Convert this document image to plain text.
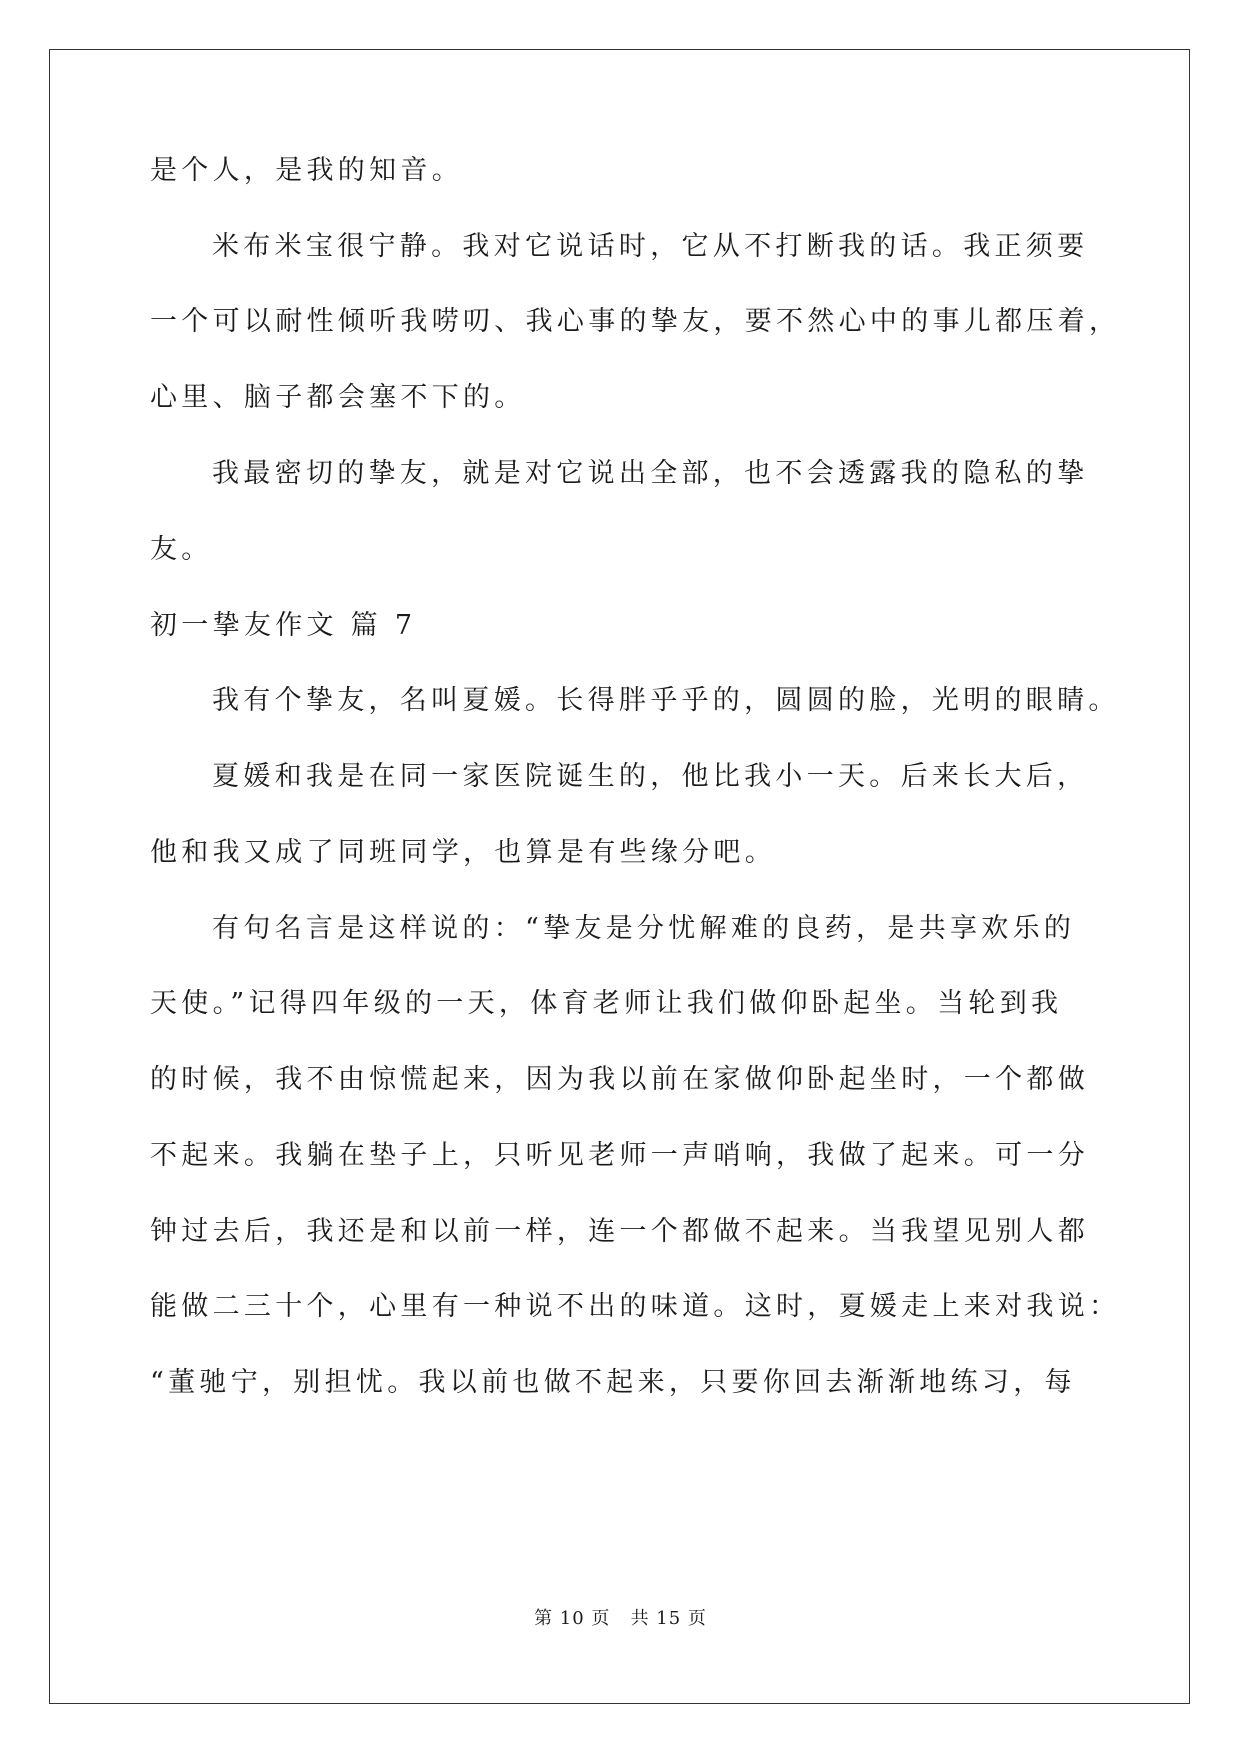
是个人，是我的知音。
米布米宝很宁静。我对它说话时，它从不打断我的话。我正须要
一个可以耐性倾听我唠叨、我心事的挚友，要不然心中的事儿都压着，
心里、脑子都会塞不下的。
我最密切的挚友，就是对它说出全部，也不会透露我的隐私的挚
友。
初一挚友作文 篇 7
我有个挚友，名叫夏媛。长得胖乎乎的，圆圆的脸，光明的眼睛。
夏媛和我是在同一家医院诞生的，他比我小一天。后来长大后，
他和我又成了同班同学，也算是有些缘分吧。
有句名言是这样说的：“挚友是分忧解难的良药，是共享欢乐的
天使。”记得四年级的一天，体育老师让我们做仰卧起坐。当轮到我
的时候，我不由惊慌起来，因为我以前在家做仰卧起坐时，一个都做
不起来。我躺在垫子上，只听见老师一声哨响，我做了起来。可一分
钟过去后，我还是和以前一样，连一个都做不起来。当我望见别人都
能做二三十个，心里有一种说不出的味道。这时，夏媛走上来对我说：
“董驰宁，别担忧。我以前也做不起来，只要你回去渐渐地练习，每
第 10 页   共 15 页
